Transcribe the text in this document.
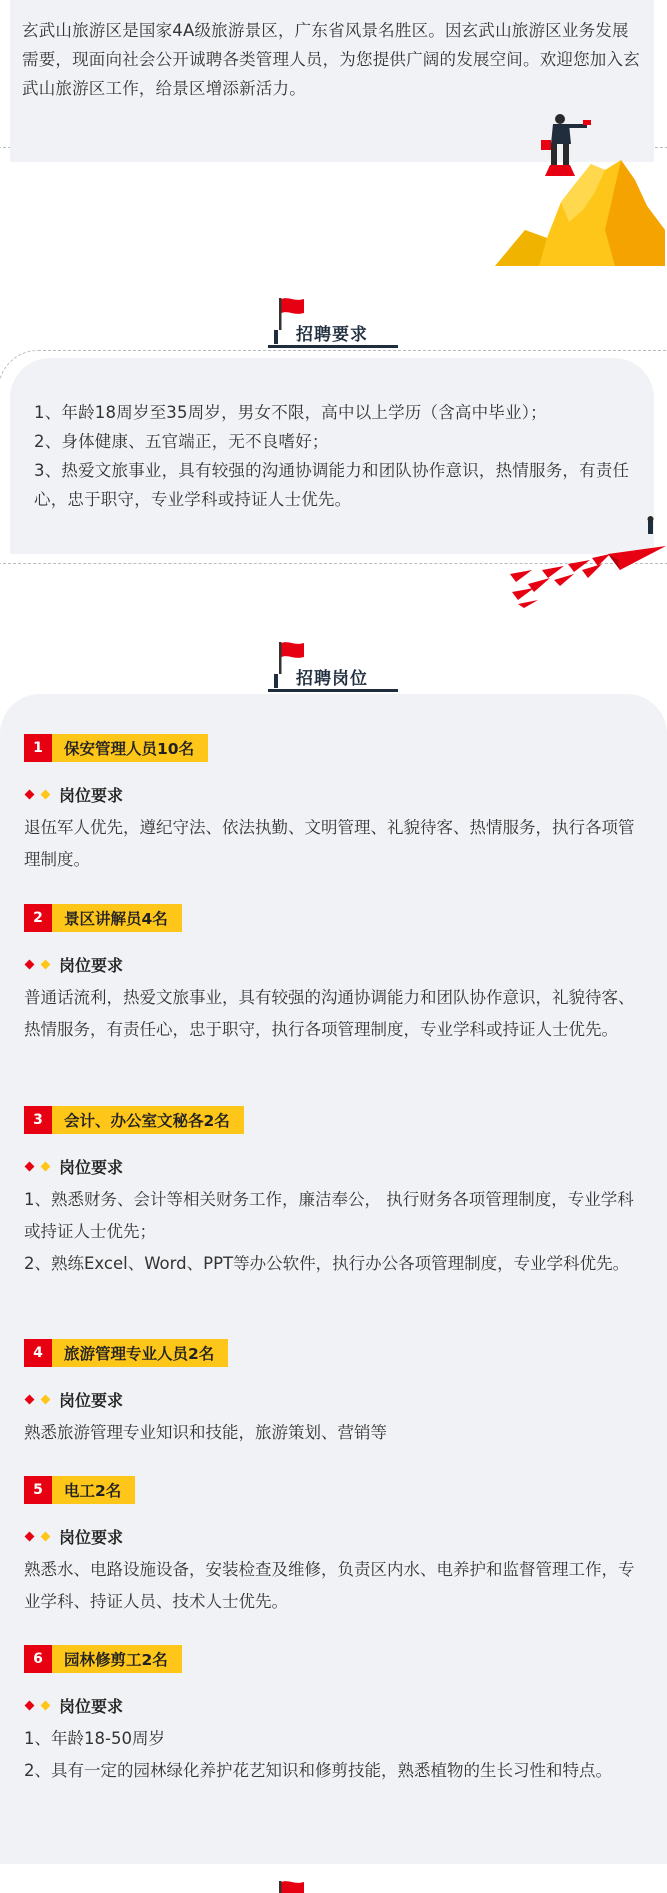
玄武山旅游区是国家4A级旅游景区，广东省风景名胜区。因玄武山旅游区业务发展需要，现面向社会公开诚聘各类管理人员，为您提供广阔的发展空间。欢迎您加入玄武山旅游区工作，给景区增添新活力。
招聘要求
1、年龄18周岁至35周岁，男女不限，高中以上学历（含高中毕业）；
2、身体健康、五官端正，无不良嗜好；
3、热爱文旅事业，具有较强的沟通协调能力和团队协作意识，热情服务，有责任心，忠于职守，专业学科或持证人士优先。
招聘岗位
1	保安管理人员10名
岗位要求
退伍军人优先，遵纪守法、依法执勤、文明管理、礼貌待客、热情服务，执行各项管理制度。
2	景区讲解员4名
岗位要求
普通话流利，热爱文旅事业，具有较强的沟通协调能力和团队协作意识，礼貌待客、热情服务，有责任心，忠于职守，执行各项管理制度，专业学科或持证人士优先。
3	会计、办公室文秘各2名
岗位要求
1、熟悉财务、会计等相关财务工作，廉洁奉公， 执行财务各项管理制度，专业学科或持证人士优先；
2、熟练Excel、Word、PPT等办公软件，执行办公各项管理制度，专业学科优先。
4	旅游管理专业人员2名
岗位要求
熟悉旅游管理专业知识和技能，旅游策划、营销等
5	电工2名
岗位要求
熟悉水、电路设施设备，安装检查及维修，负责区内水、电养护和监督管理工作，专业学科、持证人员、技术人士优先。
6	园林修剪工2名
岗位要求
1、年龄18-50周岁
2、具有一定的园林绿化养护花艺知识和修剪技能，熟悉植物的生长习性和特点。
